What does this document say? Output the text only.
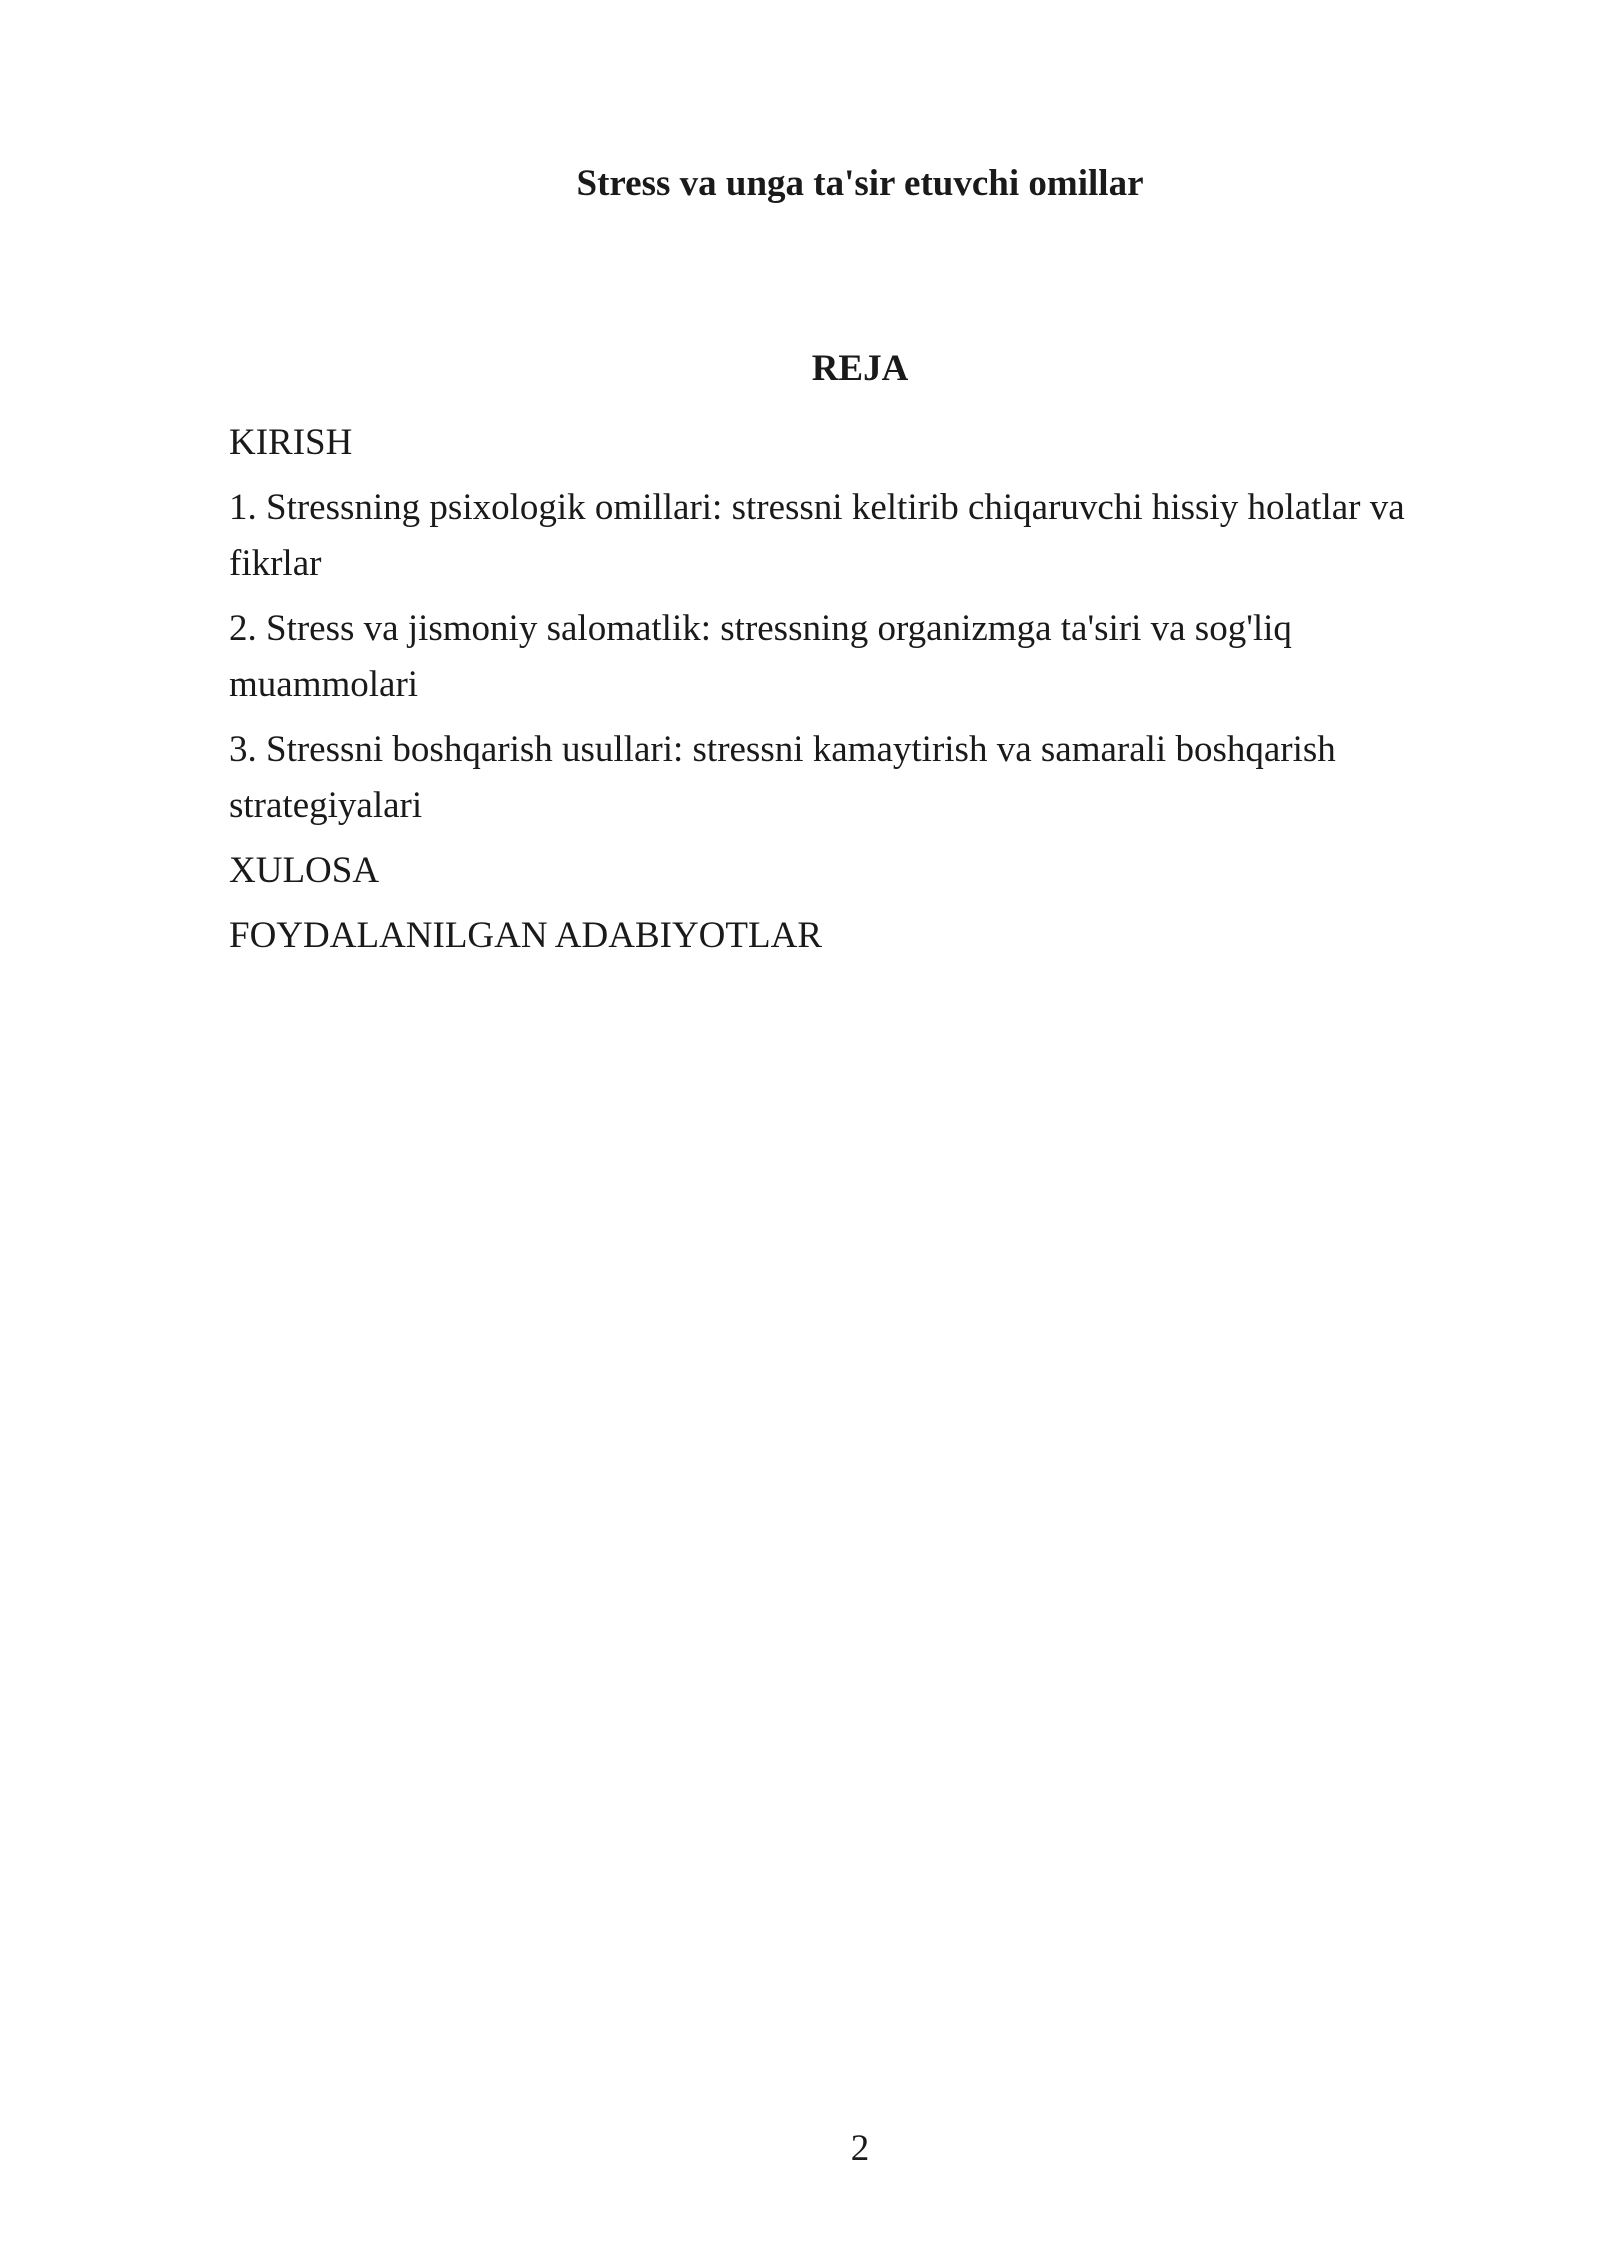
Stress va unga ta'sir etuvchi omillar
REJA
KIRISH
1. Stressning psixologik omillari: stressni keltirib chiqaruvchi hissiy holatlar va fikrlar
2. Stress va jismoniy salomatlik: stressning organizmga ta'siri va sog'liq muammolari
3. Stressni boshqarish usullari: stressni kamaytirish va samarali boshqarish strategiyalari
XULOSA
FOYDALANILGAN ADABIYOTLAR
2
